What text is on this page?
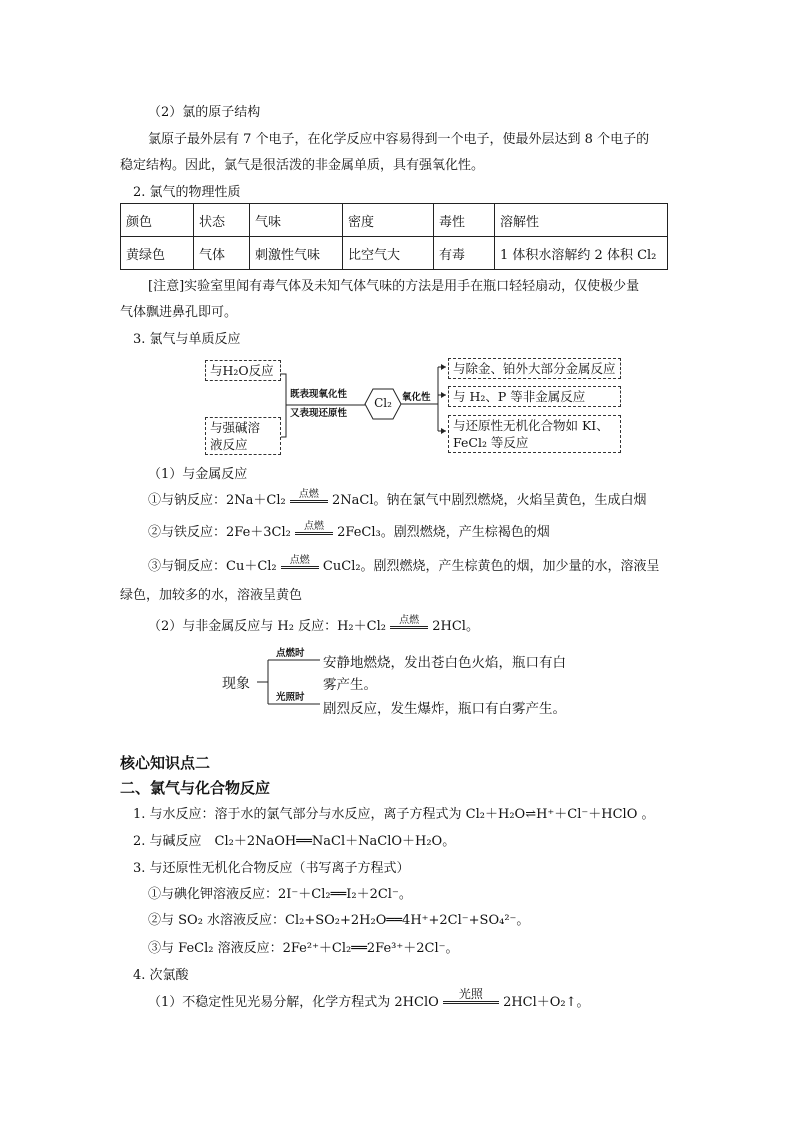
（2）氯的原子结构
氯原子最外层有 7 个电子，在化学反应中容易得到一个电子，使最外层达到 8 个电子的
稳定结构。因此，氯气是很活泼的非金属单质，具有强氧化性。
2. 氯气的物理性质
颜色	状态	气味	密度	毒性	溶解性
黄绿色	气体	刺激性气味	比空气大	有毒	1 体积水溶解约 2 体积 Cl₂
[注意]实验室里闻有毒气体及未知气体气味的方法是用手在瓶口轻轻扇动，仅使极少量
气体飘进鼻孔即可。
3. 氯气与单质反应
与H₂O反应
与强碱溶
液反应
既表现氧化性
又表现还原性
Cl₂	氧化性
与除金、铂外大部分金属反应
与 H₂、P 等非金属反应
与还原性无机化合物如 KI、
FeCl₂ 等反应
（1）与金属反应
①与钠反应：2Na＋Cl₂	点燃	2NaCl。钠在氯气中剧烈燃烧，火焰呈黄色，生成白烟
②与铁反应：2Fe＋3Cl₂	点燃	2FeCl₃。剧烈燃烧，产生棕褐色的烟
③与铜反应：Cu＋Cl₂	点燃	CuCl₂。剧烈燃烧，产生棕黄色的烟，加少量的水，溶液呈
绿色，加较多的水，溶液呈黄色
（2）与非金属反应与 H₂ 反应：H₂＋Cl₂	点燃	2HCl。
现象
点燃时
光照时
安静地燃烧，发出苍白色火焰，瓶口有白
雾产生。
剧烈反应，发生爆炸，瓶口有白雾产生。
核心知识点二
二、氯气与化合物反应
1. 与水反应：溶于水的氯气部分与水反应，离子方程式为 Cl₂＋H₂O⇌H⁺＋Cl⁻＋HClO 。
2. 与碱反应　Cl₂＋2NaOH══NaCl＋NaClO＋H₂O。
3. 与还原性无机化合物反应（书写离子方程式）
①与碘化钾溶液反应：2I⁻＋Cl₂══I₂＋2Cl⁻。
②与 SO₂ 水溶液反应：Cl₂+SO₂+2H₂O══4H⁺+2Cl⁻+SO₄²⁻。
③与 FeCl₂ 溶液反应：2Fe²⁺＋Cl₂══2Fe³⁺＋2Cl⁻。
4. 次氯酸
（1）不稳定性见光易分解，化学方程式为 2HClO
光照
2HCl＋O₂↑。
